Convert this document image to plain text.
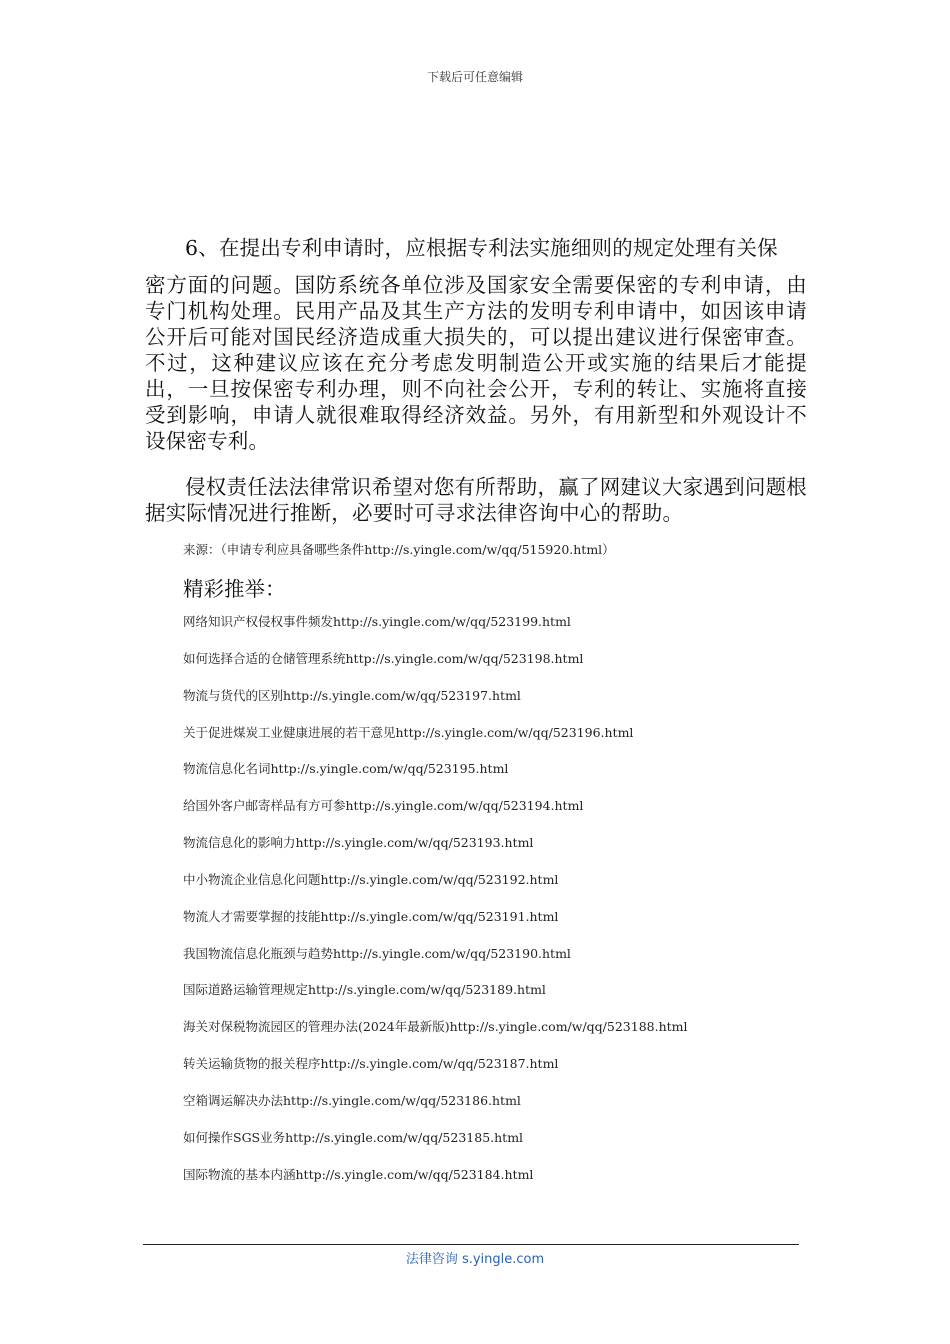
下载后可任意编辑
6、在提出专利申请时，应根据专利法实施细则的规定处理有关保
密方面的问题。国防系统各单位涉及国家安全需要保密的专利申请，由专门机构处理。民用产品及其生产方法的发明专利申请中，如因该申请公开后可能对国民经济造成重大损失的，可以提出建议进行保密审查。不过，这种建议应该在充分考虑发明制造公开或实施的结果后才能提出，一旦按保密专利办理，则不向社会公开，专利的转让、实施将直接受到影响，申请人就很难取得经济效益。另外，有用新型和外观设计不设保密专利。
侵权责任法法律常识希望对您有所帮助，赢了网建议大家遇到问题根据实际情况进行推断，必要时可寻求法律咨询中心的帮助。
来源：（申请专利应具备哪些条件http://s.yingle.com/w/qq/515920.html）
精彩推举：
网络知识产权侵权事件频发http://s.yingle.com/w/qq/523199.html
如何选择合适的仓储管理系统http://s.yingle.com/w/qq/523198.html
物流与货代的区别http://s.yingle.com/w/qq/523197.html
关于促进煤炭工业健康进展的若干意见http://s.yingle.com/w/qq/523196.html
物流信息化名词http://s.yingle.com/w/qq/523195.html
给国外客户邮寄样品有方可参http://s.yingle.com/w/qq/523194.html
物流信息化的影响力http://s.yingle.com/w/qq/523193.html
中小物流企业信息化问题http://s.yingle.com/w/qq/523192.html
物流人才需要掌握的技能http://s.yingle.com/w/qq/523191.html
我国物流信息化瓶颈与趋势http://s.yingle.com/w/qq/523190.html
国际道路运输管理规定http://s.yingle.com/w/qq/523189.html
海关对保税物流园区的管理办法(2024年最新版)http://s.yingle.com/w/qq/523188.html
转关运输货物的报关程序http://s.yingle.com/w/qq/523187.html
空箱调运解决办法http://s.yingle.com/w/qq/523186.html
如何操作SGS业务http://s.yingle.com/w/qq/523185.html
国际物流的基本内涵http://s.yingle.com/w/qq/523184.html
法律咨询 s.yingle.com
